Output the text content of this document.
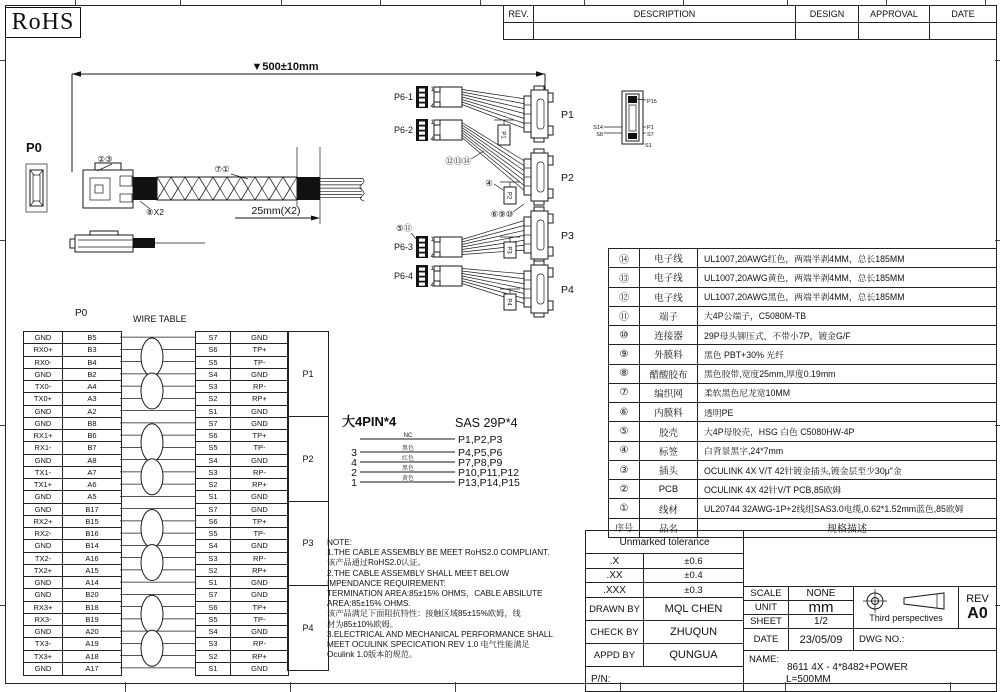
RoHS	REV.	DESCRIPTION	DESIGN	APPROVAL	DATE
▼500±10mm
P0
②③
⑦①
⑧X2	25mm(X2)
⑫⑬⑭
④
⑥⑨⑩
⑤⑪
P6-1
1
4
P1
P1
P6-2
1
4
P2
P2
P6-3
1
4
P3
P3
P6-4
1
4	P4
P4
P15
S14
S8
P1
S7
S1
P0	WIRE TABLE
GND	B5
RX0+	B3
RX0-	B4
GND	B2
TX0-	A4
TX0+	A3
GND	A2
GND	B8
RX1+	B6
RX1-	B7
GND	A8
TX1-	A7
TX1+	A6
GND	A5
GND	B17
RX2+	B15
RX2-	B16
GND	B14
TX2-	A16
TX2+	A15
GND	A14
GND	B20
RX3+	B18
RX3-	B19
GND	A20
TX3-	A19
TX3+	A18
GND	A17
S7	GND
S6	TP+
S5	TP-
S4	GND
S3	RP-
S2	RP+
S1	GND
S7	GND
S6	TP+
S5	TP-
S4	GND
S3	RP-
S2	RP+
S1	GND
S7	GND
S6	TP+
S5	TP-
S4	GND
S3	RP-
S2	RP+
S1	GND
S7	GND
S6	TP+
S5	TP-
S4	GND
S3	RP-
S2	RP+
S1	GND
P1
P2
P3
P4
大4PIN*4	SAS 29P*4
NC	P1,P2,P3
3	黑色	P4,P5,P6
4	红色	P7,P8,P9
2	黑色	P10,P11,P12
1	黄色	P13,P14,P15
NOTE:
1.THE CABLE ASSEMBLY BE MEET RoHS2.0 COMPLIANT.
该产品通过RoHS2.0认证。
2.THE CABLE ASSEMBLY SHALL MEET BELOW
IMPENDANCE REQUIREMENT:
TERMINATION AREA:85±15% OHMS，CABLE ABSILUTE
AREA:85±15% OHMS.
该产品满足下面阻抗特性：接触区域85±15%欧姆，线
材为85±10%欧姆。
3.ELECTRICAL AND MECHANICAL PERFORMANCE SHALL
MEET OCULINK SPECICATION REV 1.0 电气性能满足
Oculink 1.0版本的规范。
⑭	电子线	UL1007,20AWG红色，两端半剥4MM，总长185MM
⑬	电子线	UL1007,20AWG黄色，两端半剥4MM，总长185MM
⑫	电子线	UL1007,20AWG黑色，两端半剥4MM，总长185MM
⑪	端子	大4P公端子，C5080M-TB
⑩	连接器	29P母头铆压式，不带小7P，镀金G/F
⑨	外膜料	黑色 PBT+30% 光纤
⑧	醋酸胶布	黑色胶带,宽度25mm,厚度0.19mm
⑦	编织网	柔软黑色尼龙宽10MM
⑥	内膜料	透明PE
⑤	胶壳	大4P母胶壳，HSG 白色 C5080HW-4P
④	标签	白背景黑字,24*7mm
③	插头	OCULINK 4X V/T 42针镀金插头,镀金层至少30μ″金
②	PCB	OCULINK 4X 42针V/T PCB,85欧姆
①	线材	UL20744 32AWG-1P+2线组SAS3.0电缆,0.62*1.52mm蓝色,85欧姆
序号	品名	规格描述
Unmarked tolerance
.X	±0.6
.XX	±0.4
.XXX	±0.3
DRAWN BY	MQL CHEN
CHECK BY	ZHUQUN
APPD BY	QUNGUA
P/N:
SCALE	NONE
UNIT	mm
SHEET	1/2
DATE	23/05/09
Third perspectives
REV
A0
DWG NO.:
NAME:
8611 4X - 4*8482+POWER
L=500MM
